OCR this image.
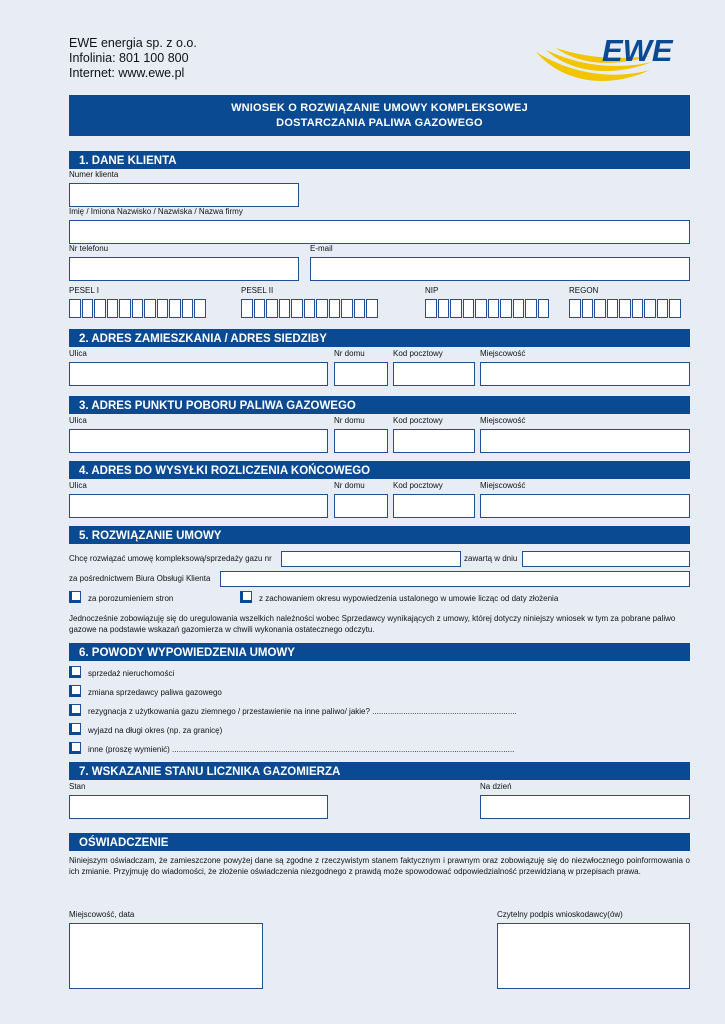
EWE energia sp. z o.o.
Infolinia: 801 100 800
Internet: www.ewe.pl
EWE
WNIOSEK O ROZWIĄZANIE UMOWY KOMPLEKSOWEJ
DOSTARCZANIA PALIWA GAZOWEGO
1. DANE KLIENTA
Numer klienta
Imię / Imiona Nazwisko / Nazwiska / Nazwa firmy
Nr telefonu	E-mail
PESEL I	PESEL II	NIP	REGON
2. ADRES ZAMIESZKANIA / ADRES SIEDZIBY
Ulica	Nr domu	Kod pocztowy	Miejscowość
3. ADRES PUNKTU POBORU PALIWA GAZOWEGO
Ulica	Nr domu	Kod pocztowy	Miejscowość
4. ADRES DO WYSYŁKI ROZLICZENIA KOŃCOWEGO
Ulica	Nr domu	Kod pocztowy	Miejscowość
5. ROZWIĄZANIE UMOWY
Chcę rozwiązać umowę kompleksową/sprzedaży gazu nr	zawartą w dniu
za pośrednictwem Biura Obsługi Klienta
za porozumieniem stron	z zachowaniem okresu wypowiedzenia ustalonego w umowie licząc od daty złożenia
Jednocześnie zobowiązuję się do uregulowania wszelkich należności wobec Sprzedawcy wynikających z umowy, której dotyczy niniejszy wniosek w tym za pobrane paliwo gazowe na podstawie wskazań gazomierza w chwili wykonania ostatecznego odczytu.
6. POWODY WYPOWIEDZENIA UMOWY
sprzedaż nieruchomości
zmiana sprzedawcy paliwa gazowego
rezygnacja z użytkowania gazu ziemnego / przestawienie na inne paliwo/ jakie? .................................................................
wyjazd na długi okres (np. za granicę)
inne (proszę wymienić) ..........................................................................................................................................................
7. WSKAZANIE STANU LICZNIKA GAZOMIERZA
Stan	Na dzień
OŚWIADCZENIE
Niniejszym oświadczam, że zamieszczone powyżej dane są zgodne z rzeczywistym stanem faktycznym i prawnym oraz zobowiązuję się do niezwłocznego poinformowania o ich zmianie. Przyjmuję do wiadomości, że złożenie oświadczenia niezgodnego z prawdą może spowodować odpowiedzialność przewidzianą w przepisach prawa.
Miejscowość, data	Czytelny podpis wnioskodawcy(ów)
